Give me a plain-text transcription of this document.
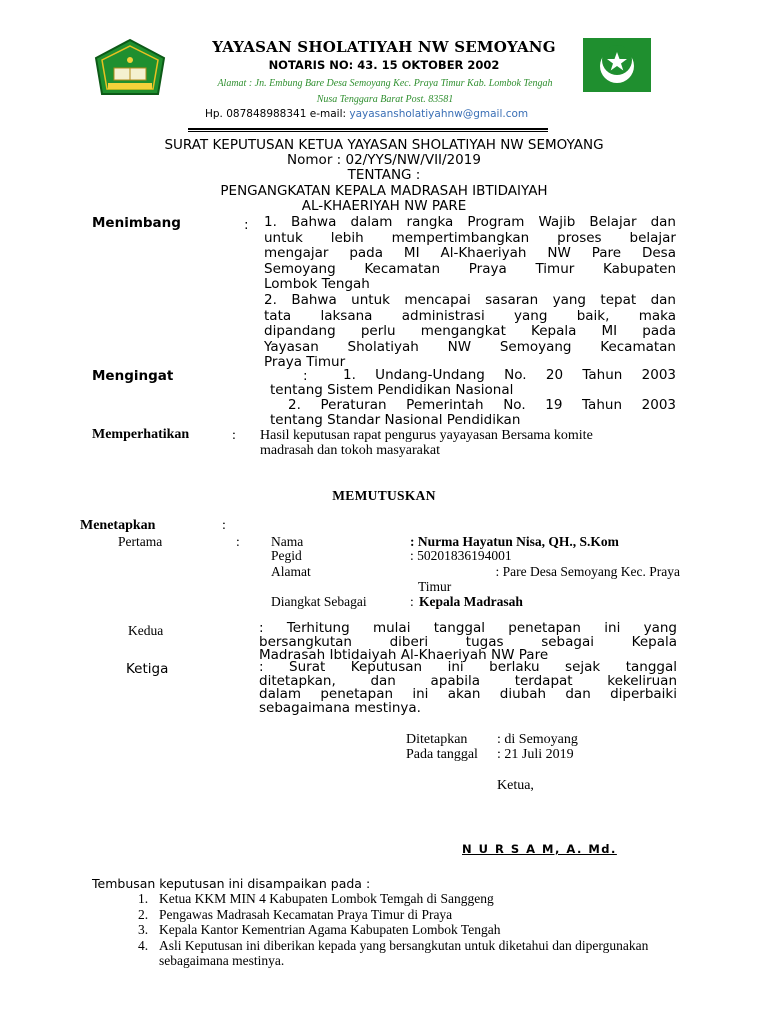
YAYASAN SHOLATIYAH NW SEMOYANG
NOTARIS NO: 43. 15 OKTOBER 2002
Alamat : Jn. Embung Bare Desa Semoyang Kec. Praya Timur Kab. Lombok Tengah
Nusa Tenggara Barat Post. 83581
Hp. 087848988341 e-mail: yayasansholatiyahnw@gmail.com
SURAT KEPUTUSAN KETUA YAYASAN SHOLATIYAH NW SEMOYANG
Nomor : 02/YYS/NW/VII/2019
TENTANG :
PENGANGKATAN KEPALA MADRASAH IBTIDAIYAH
AL-KHAERIYAH NW PARE
Menimbang	: 1. Bahwa dalam rangka Program Wajib Belajar dan
untuk lebih mempertimbangkan proses belajar
mengajar pada MI Al-Khaeriyah NW Pare Desa
Semoyang Kecamatan Praya Timur Kabupaten
Lombok Tengah
2. Bahwa untuk mencapai sasaran yang tepat dan
tata laksana administrasi yang baik, maka
dipandang perlu mengangkat Kepala MI pada
Yayasan Sholatiyah NW Semoyang Kecamatan
Praya Timur
Mengingat	:	1. Undang-Undang No. 20 Tahun 2003
tentang Sistem Pendidikan Nasional
2. Peraturan Pemerintah No. 19 Tahun 2003
tentang Standar Nasional Pendidikan
Memperhatikan	: Hasil keputusan rapat pengurus yayayasan Bersama komite
madrasah dan tokoh masyarakat
MEMUTUSKAN
Menetapkan	:
Pertama	: Nama	: Nurma Hayatun Nisa, QH., S.Kom
Pegid	: 50201836194001
Alamat	: Pare Desa Semoyang Kec. Praya
Timur
Diangkat Sebagai	: Kepala Madrasah
Kedua	: Terhitung mulai tanggal penetapan ini yang
bersangkutan diberi tugas sebagai Kepala
Madrasah Ibtidaiyah Al-Khaeriyah NW Pare
Ketiga	: Surat Keputusan ini berlaku sejak tanggal
ditetapkan, dan apabila terdapat kekeliruan
dalam penetapan ini akan diubah dan diperbaiki
sebagaimana mestinya.
Ditetapkan : di Semoyang
Pada tanggal : 21 Juli 2019
Ketua,
N U R S A M, A. Md.
Tembusan keputusan ini disampaikan pada :
1. Ketua KKM MIN 4 Kabupaten Lombok Temgah di Sanggeng
2. Pengawas Madrasah Kecamatan Praya Timur di Praya
3. Kepala Kantor Kementrian Agama Kabupaten Lombok Tengah
4. Asli Keputusan ini diberikan kepada yang bersangkutan untuk diketahui dan dipergunakan sebagaimana mestinya.
